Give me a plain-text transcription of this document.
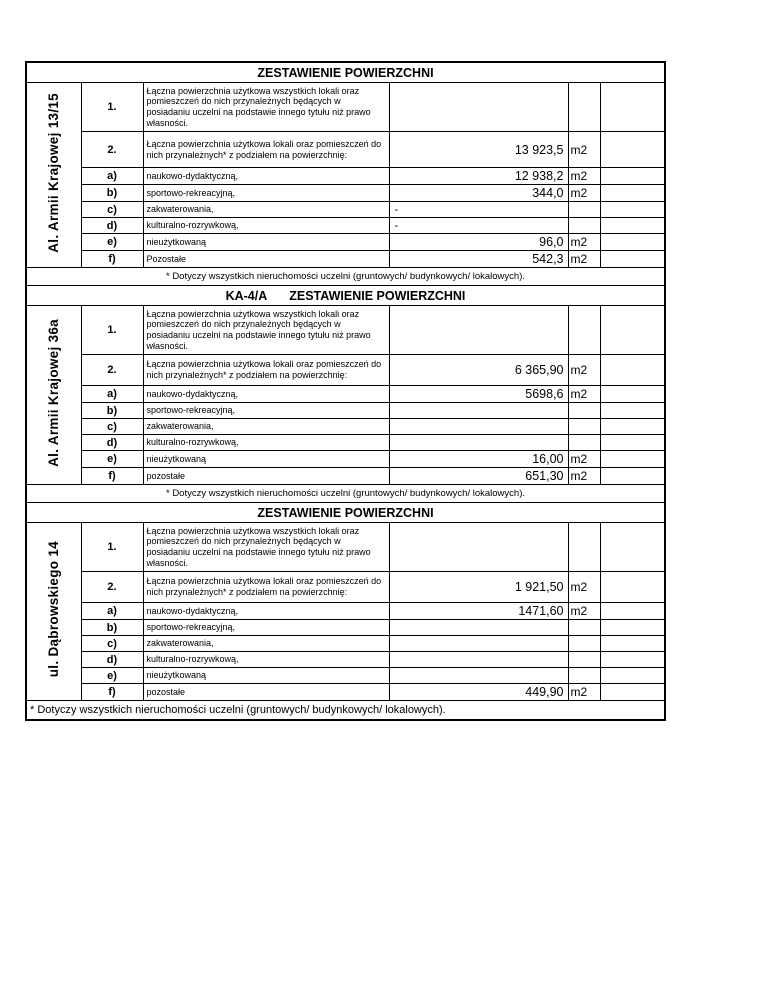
ZESTAWIENIE POWIERZCHNI					
Al. Armii Krajowej 13/15	1.	Łączna powierzchnia użytkowa wszystkich lokali oraz pomieszczeń do nich przynależnych będących w posiadaniu uczelni na podstawie innego tytułu niż prawo własności.			
	2.	Łączna powierzchnia użytkowa lokali oraz pomieszczeń do nich przynależnych* z podziałem na powierzchnię:	13 923,5	m2	
	a)	naukowo-dydaktyczną,	12 938,2	m2	
	b)	sportowo-rekreacyjną,	344,0	m2	
	c)	zakwaterowania,	-		
	d)	kulturalno-rozrywkową,	-		
	e)	nieużytkowaną	96,0	m2	
	f)	Pozostałe	542,3	m2	
* Dotyczy wszystkich nieruchomości uczelni (gruntowych/ budynkowych/ lokalowych).					
KA-4/A ZESTAWIENIE POWIERZCHNI					
Al. Armii Krajowej 36a	1.	Łączna powierzchnia użytkowa wszystkich lokali oraz pomieszczeń do nich przynależnych będących w posiadaniu uczelni na podstawie innego tytułu niż prawo własności.			
	2.	Łączna powierzchnia użytkowa lokali oraz pomieszczeń do nich przynależnych* z podziałem na powierzchnię:	6 365,90	m2	
	a)	naukowo-dydaktyczną,	5698,6	m2	
	b)	sportowo-rekreacyjną,			
	c)	zakwaterowania,			
	d)	kulturalno-rozrywkową,			
	e)	nieużytkowaną	16,00	m2	
	f)	pozostałe	651,30	m2	
* Dotyczy wszystkich nieruchomości uczelni (gruntowych/ budynkowych/ lokalowych).					
ZESTAWIENIE POWIERZCHNI					
ul. Dąbrowskiego 14	1.	Łączna powierzchnia użytkowa wszystkich lokali oraz pomieszczeń do nich przynależnych będących w posiadaniu uczelni na podstawie innego tytułu niż prawo własności.			
	2.	Łączna powierzchnia użytkowa lokali oraz pomieszczeń do nich przynależnych* z podziałem na powierzchnię:	1 921,50	m2	
	a)	naukowo-dydaktyczną,	1471,60	m2	
	b)	sportowo-rekreacyjną,			
	c)	zakwaterowania,			
	d)	kulturalno-rozrywkową,			
	e)	nieużytkowaną			
	f)	pozostałe	449,90	m2	
* Dotyczy wszystkich nieruchomości uczelni (gruntowych/ budynkowych/ lokalowych).					
